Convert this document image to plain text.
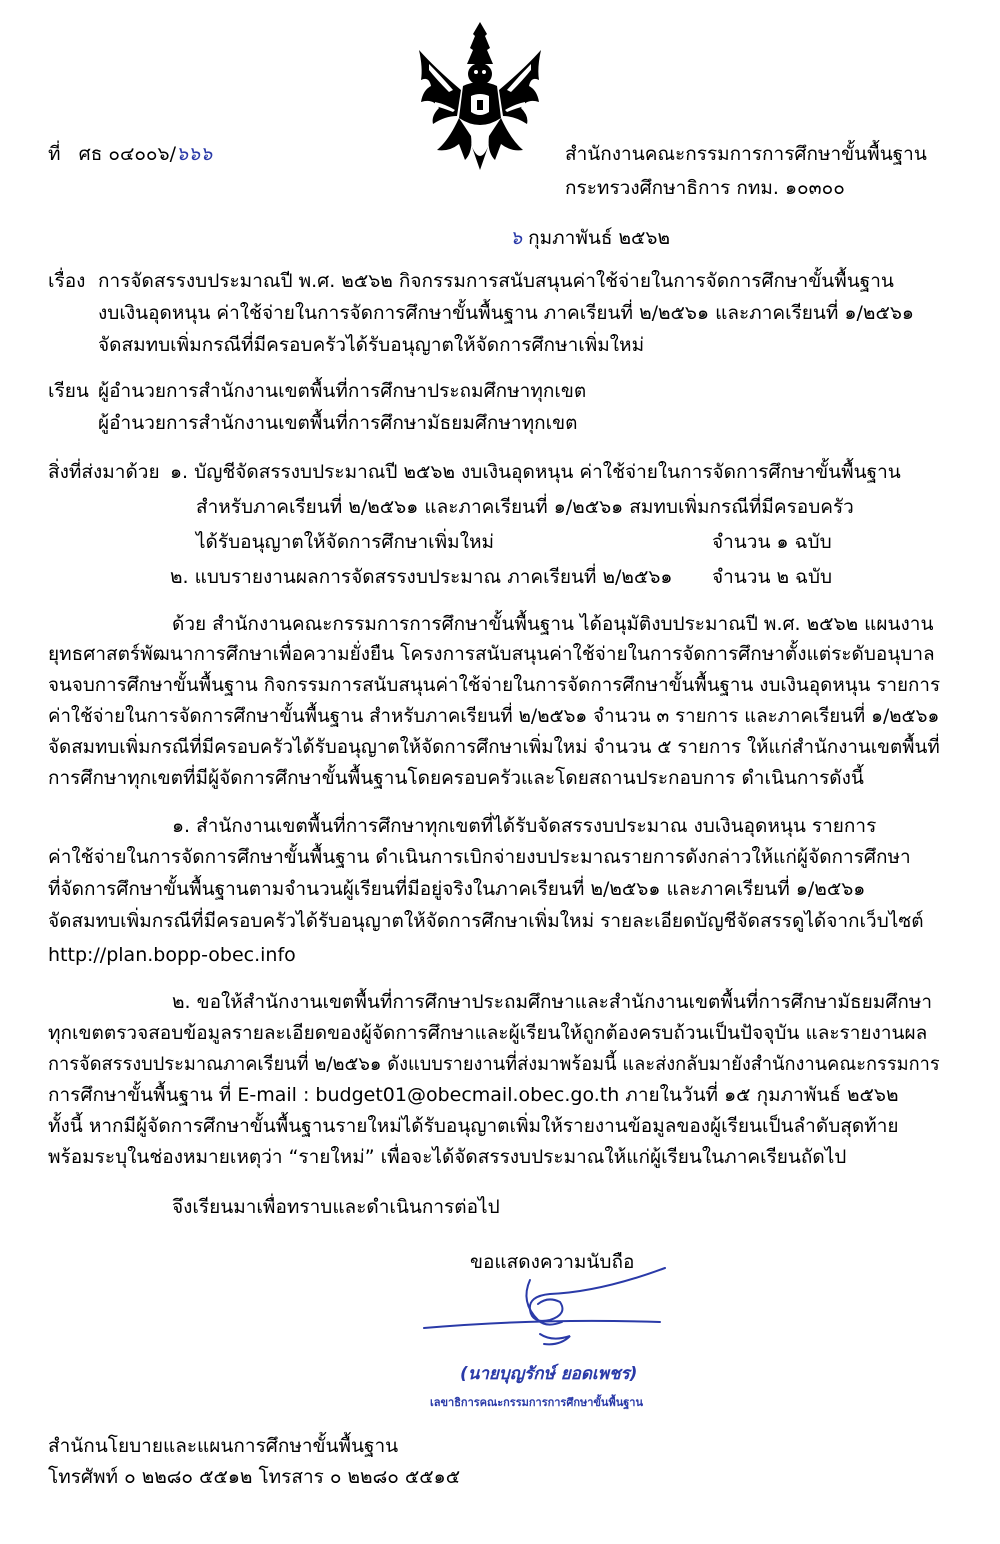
ที่ ศธ ๐๔๐๐๖/๖๖๖	สำนักงานคณะกรรมการการศึกษาขั้นพื้นฐาน
กระทรวงศึกษาธิการ กทม. ๑๐๓๐๐
๖ กุมภาพันธ์ ๒๕๖๒
เรื่อง การจัดสรรงบประมาณปี พ.ศ. ๒๕๖๒ กิจกรรมการสนับสนุนค่าใช้จ่ายในการจัดการศึกษาขั้นพื้นฐาน
งบเงินอุดหนุน ค่าใช้จ่ายในการจัดการศึกษาขั้นพื้นฐาน ภาคเรียนที่ ๒/๒๕๖๑ และภาคเรียนที่ ๑/๒๕๖๑
จัดสมทบเพิ่มกรณีที่มีครอบครัวได้รับอนุญาตให้จัดการศึกษาเพิ่มใหม่
เรียน ผู้อำนวยการสำนักงานเขตพื้นที่การศึกษาประถมศึกษาทุกเขต
ผู้อำนวยการสำนักงานเขตพื้นที่การศึกษามัธยมศึกษาทุกเขต
สิ่งที่ส่งมาด้วย ๑. บัญชีจัดสรรงบประมาณปี ๒๕๖๒ งบเงินอุดหนุน ค่าใช้จ่ายในการจัดการศึกษาขั้นพื้นฐาน
สำหรับภาคเรียนที่ ๒/๒๕๖๑ และภาคเรียนที่ ๑/๒๕๖๑ สมทบเพิ่มกรณีที่มีครอบครัว
ได้รับอนุญาตให้จัดการศึกษาเพิ่มใหม่	จำนวน ๑ ฉบับ
๒. แบบรายงานผลการจัดสรรงบประมาณ ภาคเรียนที่ ๒/๒๕๖๑ จำนวน ๒ ฉบับ
ด้วย สำนักงานคณะกรรมการการศึกษาขั้นพื้นฐาน ได้อนุมัติงบประมาณปี พ.ศ. ๒๕๖๒ แผนงาน
ยุทธศาสตร์พัฒนาการศึกษาเพื่อความยั่งยืน โครงการสนับสนุนค่าใช้จ่ายในการจัดการศึกษาตั้งแต่ระดับอนุบาล
จนจบการศึกษาขั้นพื้นฐาน กิจกรรมการสนับสนุนค่าใช้จ่ายในการจัดการศึกษาขั้นพื้นฐาน งบเงินอุดหนุน รายการ
ค่าใช้จ่ายในการจัดการศึกษาขั้นพื้นฐาน สำหรับภาคเรียนที่ ๒/๒๕๖๑ จำนวน ๓ รายการ และภาคเรียนที่ ๑/๒๕๖๑
จัดสมทบเพิ่มกรณีที่มีครอบครัวได้รับอนุญาตให้จัดการศึกษาเพิ่มใหม่ จำนวน ๕ รายการ ให้แก่สำนักงานเขตพื้นที่
การศึกษาทุกเขตที่มีผู้จัดการศึกษาขั้นพื้นฐานโดยครอบครัวและโดยสถานประกอบการ ดำเนินการดังนี้
๑. สำนักงานเขตพื้นที่การศึกษาทุกเขตที่ได้รับจัดสรรงบประมาณ งบเงินอุดหนุน รายการ
ค่าใช้จ่ายในการจัดการศึกษาขั้นพื้นฐาน ดำเนินการเบิกจ่ายงบประมาณรายการดังกล่าวให้แก่ผู้จัดการศึกษา
ที่จัดการศึกษาขั้นพื้นฐานตามจำนวนผู้เรียนที่มีอยู่จริงในภาคเรียนที่ ๒/๒๕๖๑ และภาคเรียนที่ ๑/๒๕๖๑
จัดสมทบเพิ่มกรณีที่มีครอบครัวได้รับอนุญาตให้จัดการศึกษาเพิ่มใหม่ รายละเอียดบัญชีจัดสรรดูได้จากเว็บไซต์
http://plan.bopp-obec.info
๒. ขอให้สำนักงานเขตพื้นที่การศึกษาประถมศึกษาและสำนักงานเขตพื้นที่การศึกษามัธยมศึกษา
ทุกเขตตรวจสอบข้อมูลรายละเอียดของผู้จัดการศึกษาและผู้เรียนให้ถูกต้องครบถ้วนเป็นปัจจุบัน และรายงานผล
การจัดสรรงบประมาณภาคเรียนที่ ๒/๒๕๖๑ ดังแบบรายงานที่ส่งมาพร้อมนี้ และส่งกลับมายังสำนักงานคณะกรรมการ
การศึกษาขั้นพื้นฐาน ที่ E-mail : budget01@obecmail.obec.go.th ภายในวันที่ ๑๕ กุมภาพันธ์ ๒๕๖๒
ทั้งนี้ หากมีผู้จัดการศึกษาขั้นพื้นฐานรายใหม่ได้รับอนุญาตเพิ่มให้รายงานข้อมูลของผู้เรียนเป็นลำดับสุดท้าย
พร้อมระบุในช่องหมายเหตุว่า “รายใหม่” เพื่อจะได้จัดสรรงบประมาณให้แก่ผู้เรียนในภาคเรียนถัดไป
จึงเรียนมาเพื่อทราบและดำเนินการต่อไป
ขอแสดงความนับถือ
(นายบุญรักษ์ ยอดเพชร)
เลขาธิการคณะกรรมการการศึกษาขั้นพื้นฐาน
สำนักนโยบายและแผนการศึกษาขั้นพื้นฐาน
โทรศัพท์ ๐ ๒๒๘๐ ๕๕๑๒ โทรสาร ๐ ๒๒๘๐ ๕๕๑๕
